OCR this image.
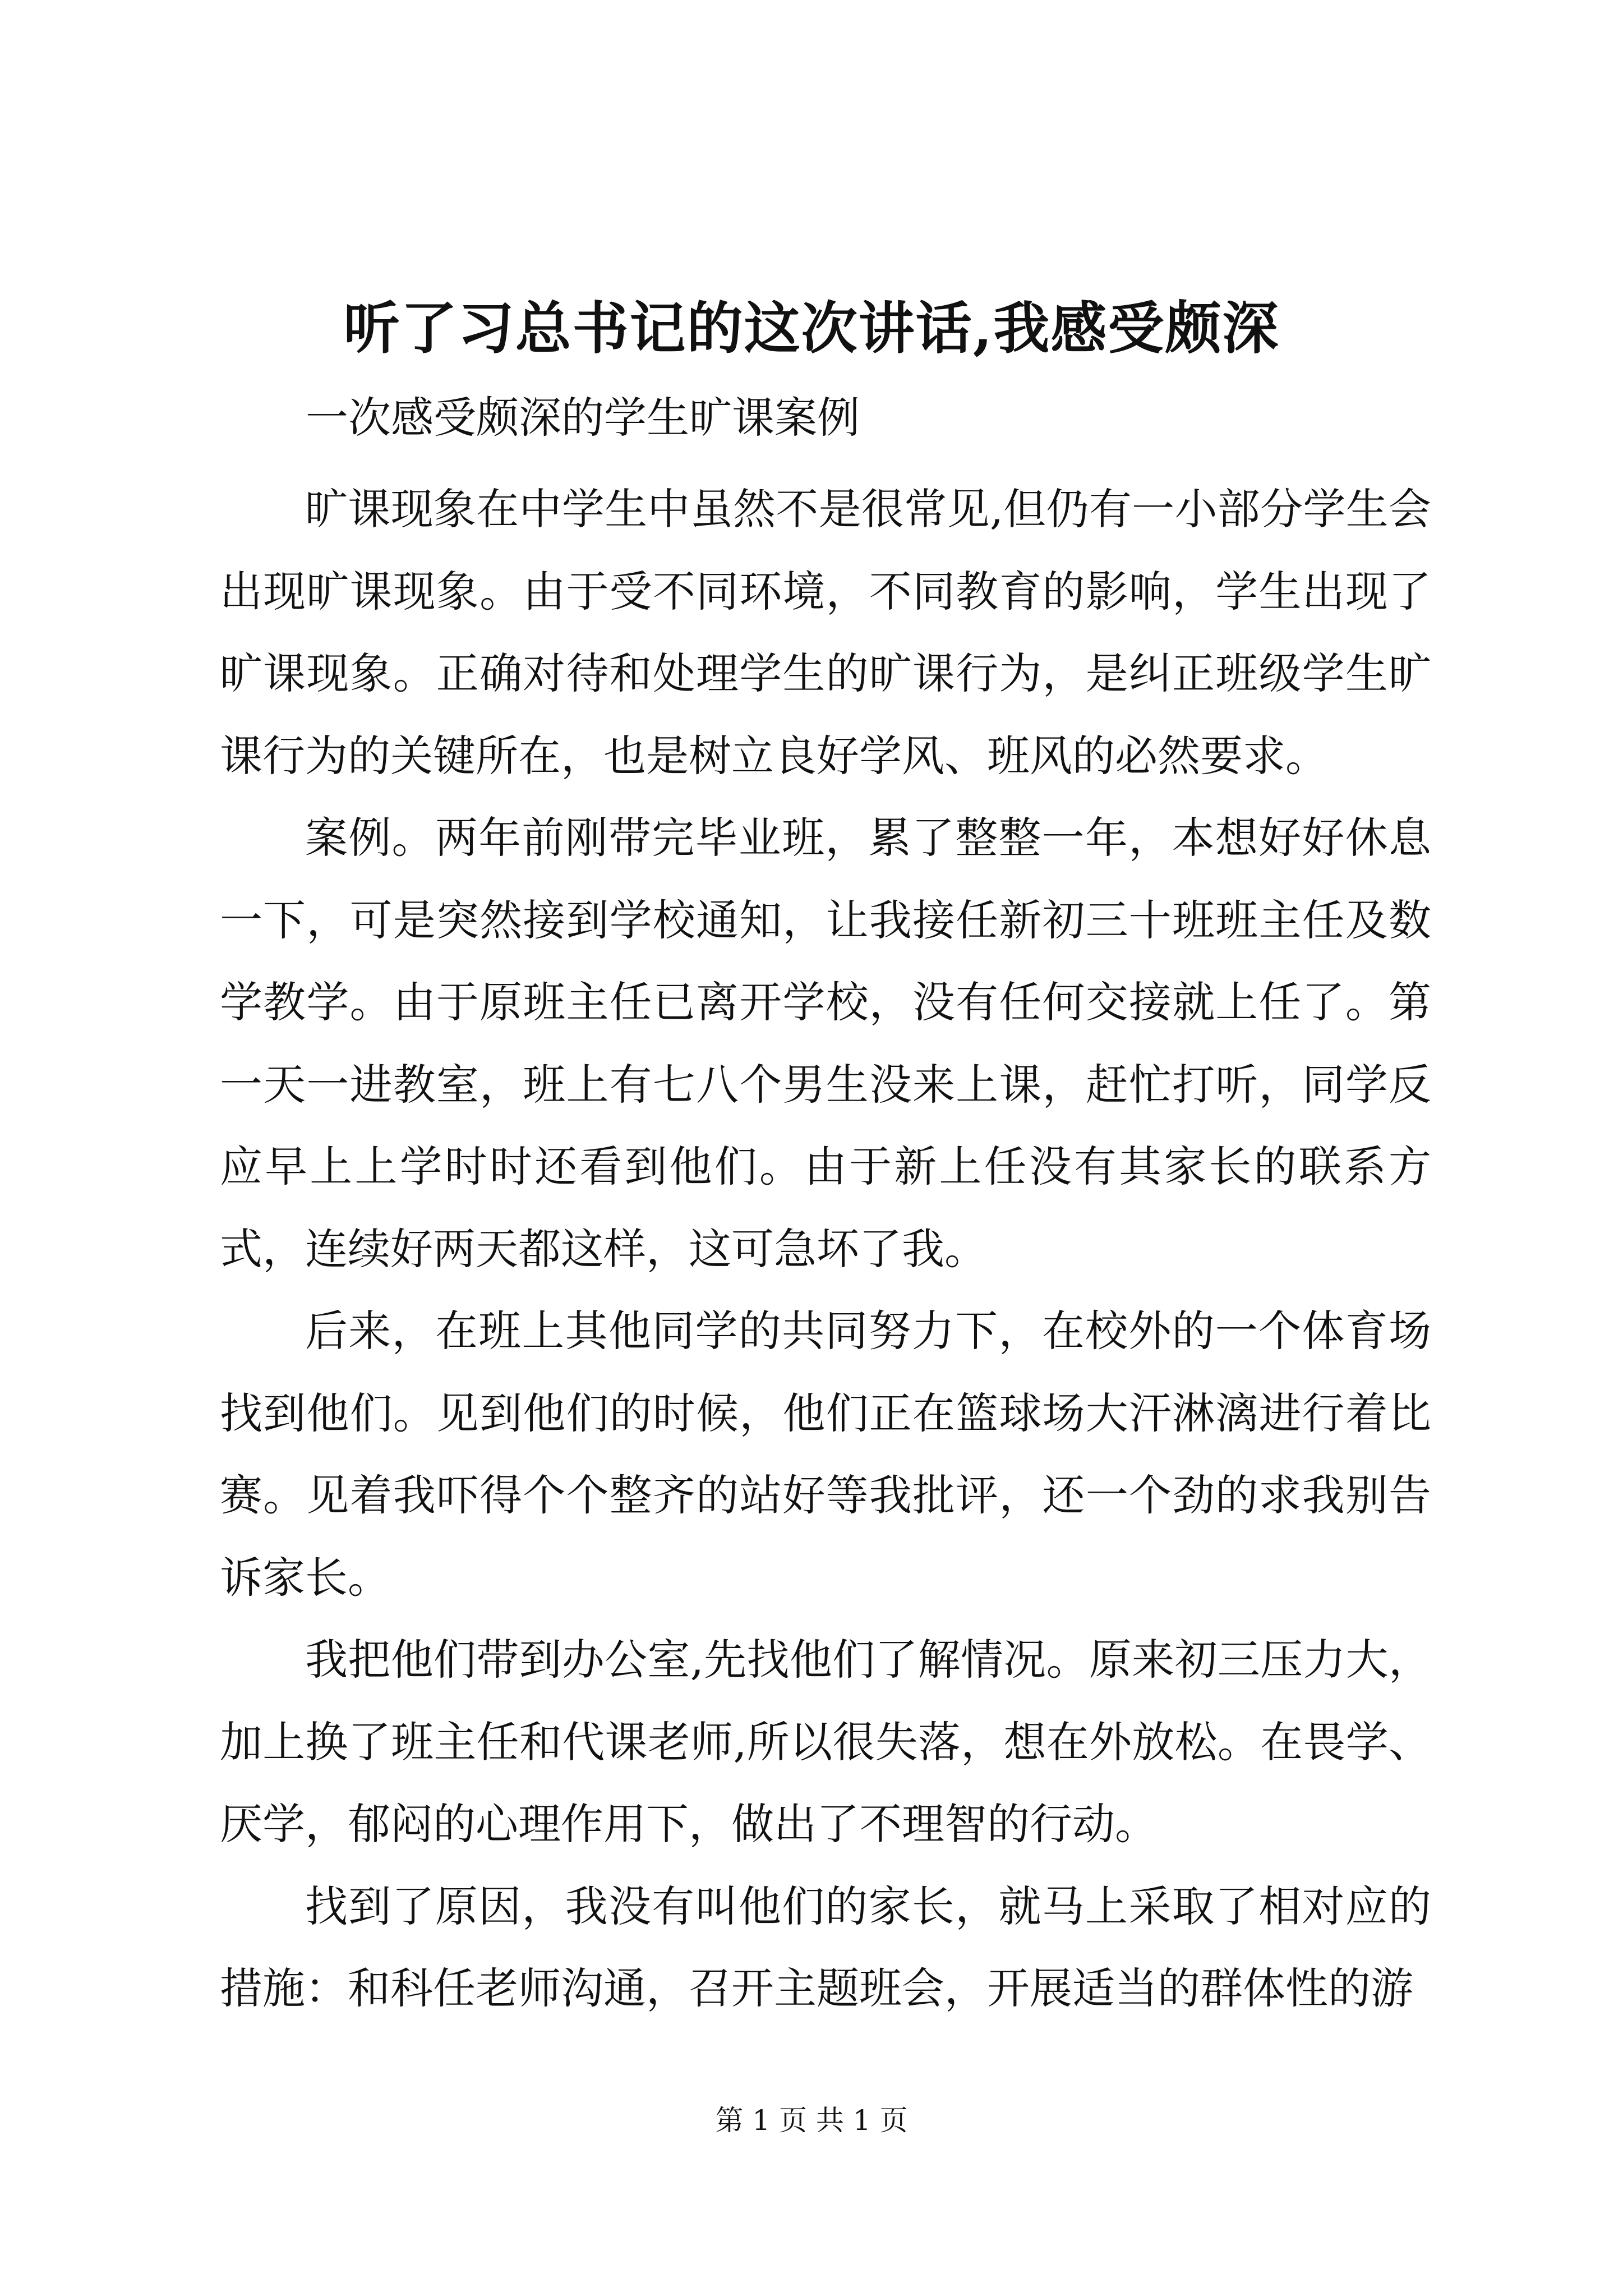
听了习总书记的这次讲话,我感受颇深
一次感受颇深的学生旷课案例

旷课现象在中学生中虽然不是很常见,但仍有一小部分学生会出现旷课现象。由于受不同环境，不同教育的影响，学生出现了旷课现象。正确对待和处理学生的旷课行为，是纠正班级学生旷课行为的关键所在，也是树立良好学风、班风的必然要求。

案例。两年前刚带完毕业班，累了整整一年，本想好好休息一下，可是突然接到学校通知，让我接任新初三十班班主任及数学教学。由于原班主任已离开学校，没有任何交接就上任了。第一天一进教室，班上有七八个男生没来上课，赶忙打听，同学反应早上上学时时还看到他们。由于新上任没有其家长的联系方式，连续好两天都这样，这可急坏了我。

后来，在班上其他同学的共同努力下，在校外的一个体育场找到他们。见到他们的时候，他们正在篮球场大汗淋漓进行着比赛。见着我吓得个个整齐的站好等我批评，还一个劲的求我别告诉家长。

我把他们带到办公室,先找他们了解情况。原来初三压力大，加上换了班主任和代课老师,所以很失落，想在外放松。在畏学、厌学，郁闷的心理作用下，做出了不理智的行动。

找到了原因，我没有叫他们的家长，就马上采取了相对应的措施：和科任老师沟通，召开主题班会，开展适当的群体性的游

第 1 页 共 1 页
